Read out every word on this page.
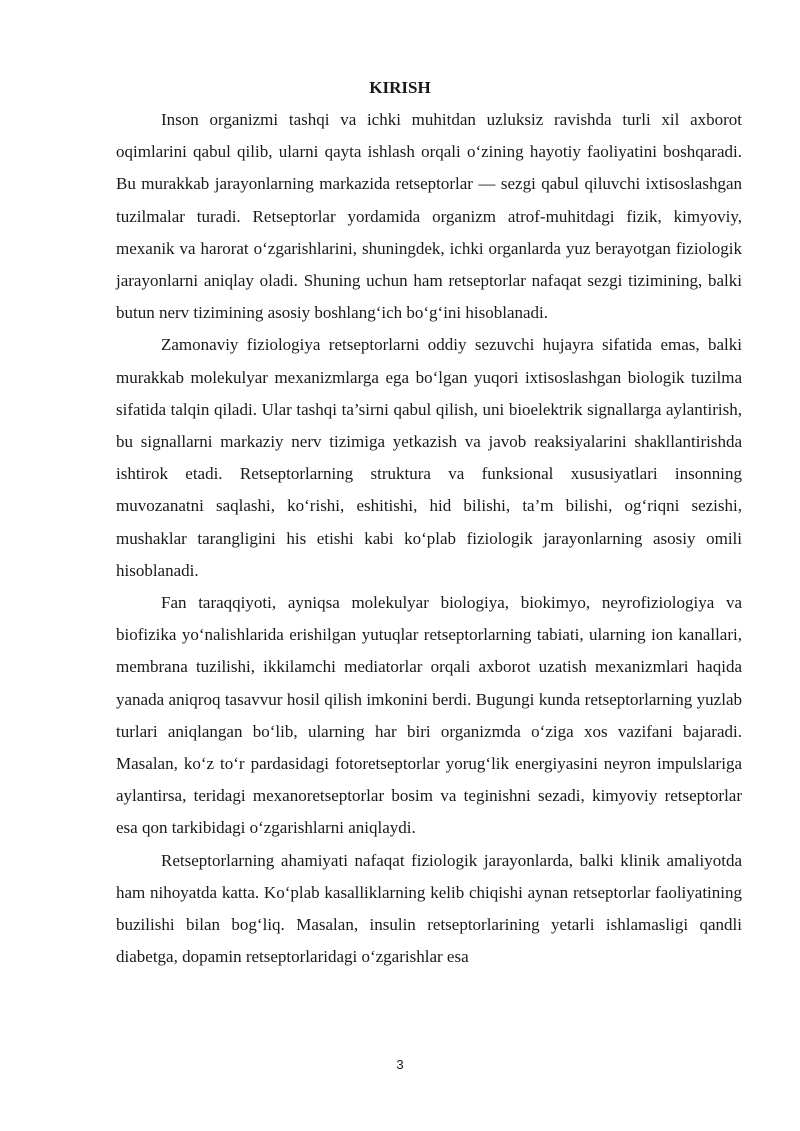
KIRISH

Inson organizmi tashqi va ichki muhitdan uzluksiz ravishda turli xil axborot oqimlarini qabul qilib, ularni qayta ishlash orqali o‘zining hayotiy faoliyatini boshqaradi. Bu murakkab jarayonlarning markazida retseptorlar — sezgi qabul qiluvchi ixtisoslashgan tuzilmalar turadi. Retseptorlar yordamida organizm atrof-muhitdagi fizik, kimyoviy, mexanik va harorat o‘zgarishlarini, shuningdek, ichki organlarda yuz berayotgan fiziologik jarayonlarni aniqlay oladi. Shuning uchun ham retseptorlar nafaqat sezgi tizimining, balki butun nerv tizimining asosiy boshlang‘ich bo‘g‘ini hisoblanadi.

Zamonaviy fiziologiya retseptorlarni oddiy sezuvchi hujayra sifatida emas, balki murakkab molekulyar mexanizmlarga ega bo‘lgan yuqori ixtisoslashgan biologik tuzilma sifatida talqin qiladi. Ular tashqi ta’sirni qabul qilish, uni bioelektrik signallarga aylantirish, bu signallarni markaziy nerv tizimiga yetkazish va javob reaksiyalarini shakllantirishda ishtirok etadi. Retseptorlarning struktura va funksional xususiyatlari insonning muvozanatni saqlashi, ko‘rishi, eshitishi, hid bilishi, ta’m bilishi, og‘riqni sezishi, mushaklar tarangligini his etishi kabi ko‘plab fiziologik jarayonlarning asosiy omili hisoblanadi.

Fan taraqqiyoti, ayniqsa molekulyar biologiya, biokimyo, neyrofiziologiya va biofizika yo‘nalishlarida erishilgan yutuqlar retseptorlarning tabiati, ularning ion kanallari, membrana tuzilishi, ikkilamchi mediatorlar orqali axborot uzatish mexanizmlari haqida yanada aniqroq tasavvur hosil qilish imkonini berdi. Bugungi kunda retseptorlarning yuzlab turlari aniqlangan bo‘lib, ularning har biri organizmda o‘ziga xos vazifani bajaradi. Masalan, ko‘z to‘r pardasidagi fotoretseptorlar yorug‘lik energiyasini neyron impulslariga aylantirsa, teridagi mexanoretseptorlar bosim va teginishni sezadi, kimyoviy retseptorlar esa qon tarkibidagi o‘zgarishlarni aniqlaydi.

Retseptorlarning ahamiyati nafaqat fiziologik jarayonlarda, balki klinik amaliyotda ham nihoyatda katta. Ko‘plab kasalliklarning kelib chiqishi aynan retseptorlar faoliyatining buzilishi bilan bog‘liq. Masalan, insulin retseptorlarining yetarli ishlamasligi qandli diabetga, dopamin retseptorlaridagi o‘zgarishlar esa

3
